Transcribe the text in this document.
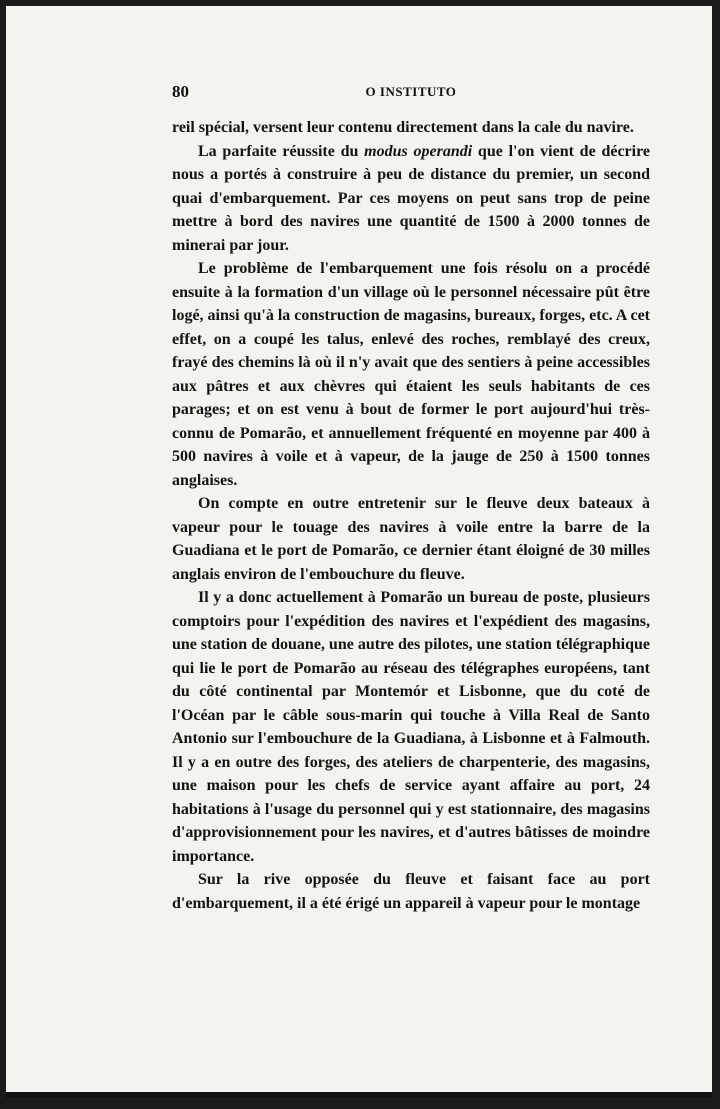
80	O INSTITUTO

reil spécial, versent leur contenu directement dans la cale du navire.

La parfaite réussite du modus operandi que l'on vient de décrire nous a portés à construire à peu de distance du premier, un second quai d'embarquement. Par ces moyens on peut sans trop de peine mettre à bord des navires une quantité de 1500 à 2000 tonnes de minerai par jour.

Le problème de l'embarquement une fois résolu on a procédé ensuite à la formation d'un village où le personnel nécessaire pût être logé, ainsi qu'à la construction de magasins, bureaux, forges, etc. A cet effet, on a coupé les talus, enlevé des roches, remblayé des creux, frayé des chemins là où il n'y avait que des sentiers à peine accessibles aux pâtres et aux chèvres qui étaient les seuls habitants de ces parages; et on est venu à bout de former le port aujourd'hui très-connu de Pomarão, et annuellement fréquenté en moyenne par 400 à 500 navires à voile et à vapeur, de la jauge de 250 à 1500 tonnes anglaises.

On compte en outre entretenir sur le fleuve deux bateaux à vapeur pour le touage des navires à voile entre la barre de la Guadiana et le port de Pomarão, ce dernier étant éloigné de 30 milles anglais environ de l'embouchure du fleuve.

Il y a donc actuellement à Pomarão un bureau de poste, plusieurs comptoirs pour l'expédition des navires et l'expédient des magasins, une station de douane, une autre des pilotes, une station télégraphique qui lie le port de Pomarão au réseau des télégraphes européens, tant du côté continental par Montemór et Lisbonne, que du coté de l'Océan par le câble sous-marin qui touche à Villa Real de Santo Antonio sur l'embouchure de la Guadiana, à Lisbonne et à Falmouth. Il y a en outre des forges, des ateliers de charpenterie, des magasins, une maison pour les chefs de service ayant affaire au port, 24 habitations à l'usage du personnel qui y est stationnaire, des magasins d'approvisionnement pour les navires, et d'autres bâtisses de moindre importance.

Sur la rive opposée du fleuve et faisant face au port d'embarquement, il a été érigé un appareil à vapeur pour le montage
